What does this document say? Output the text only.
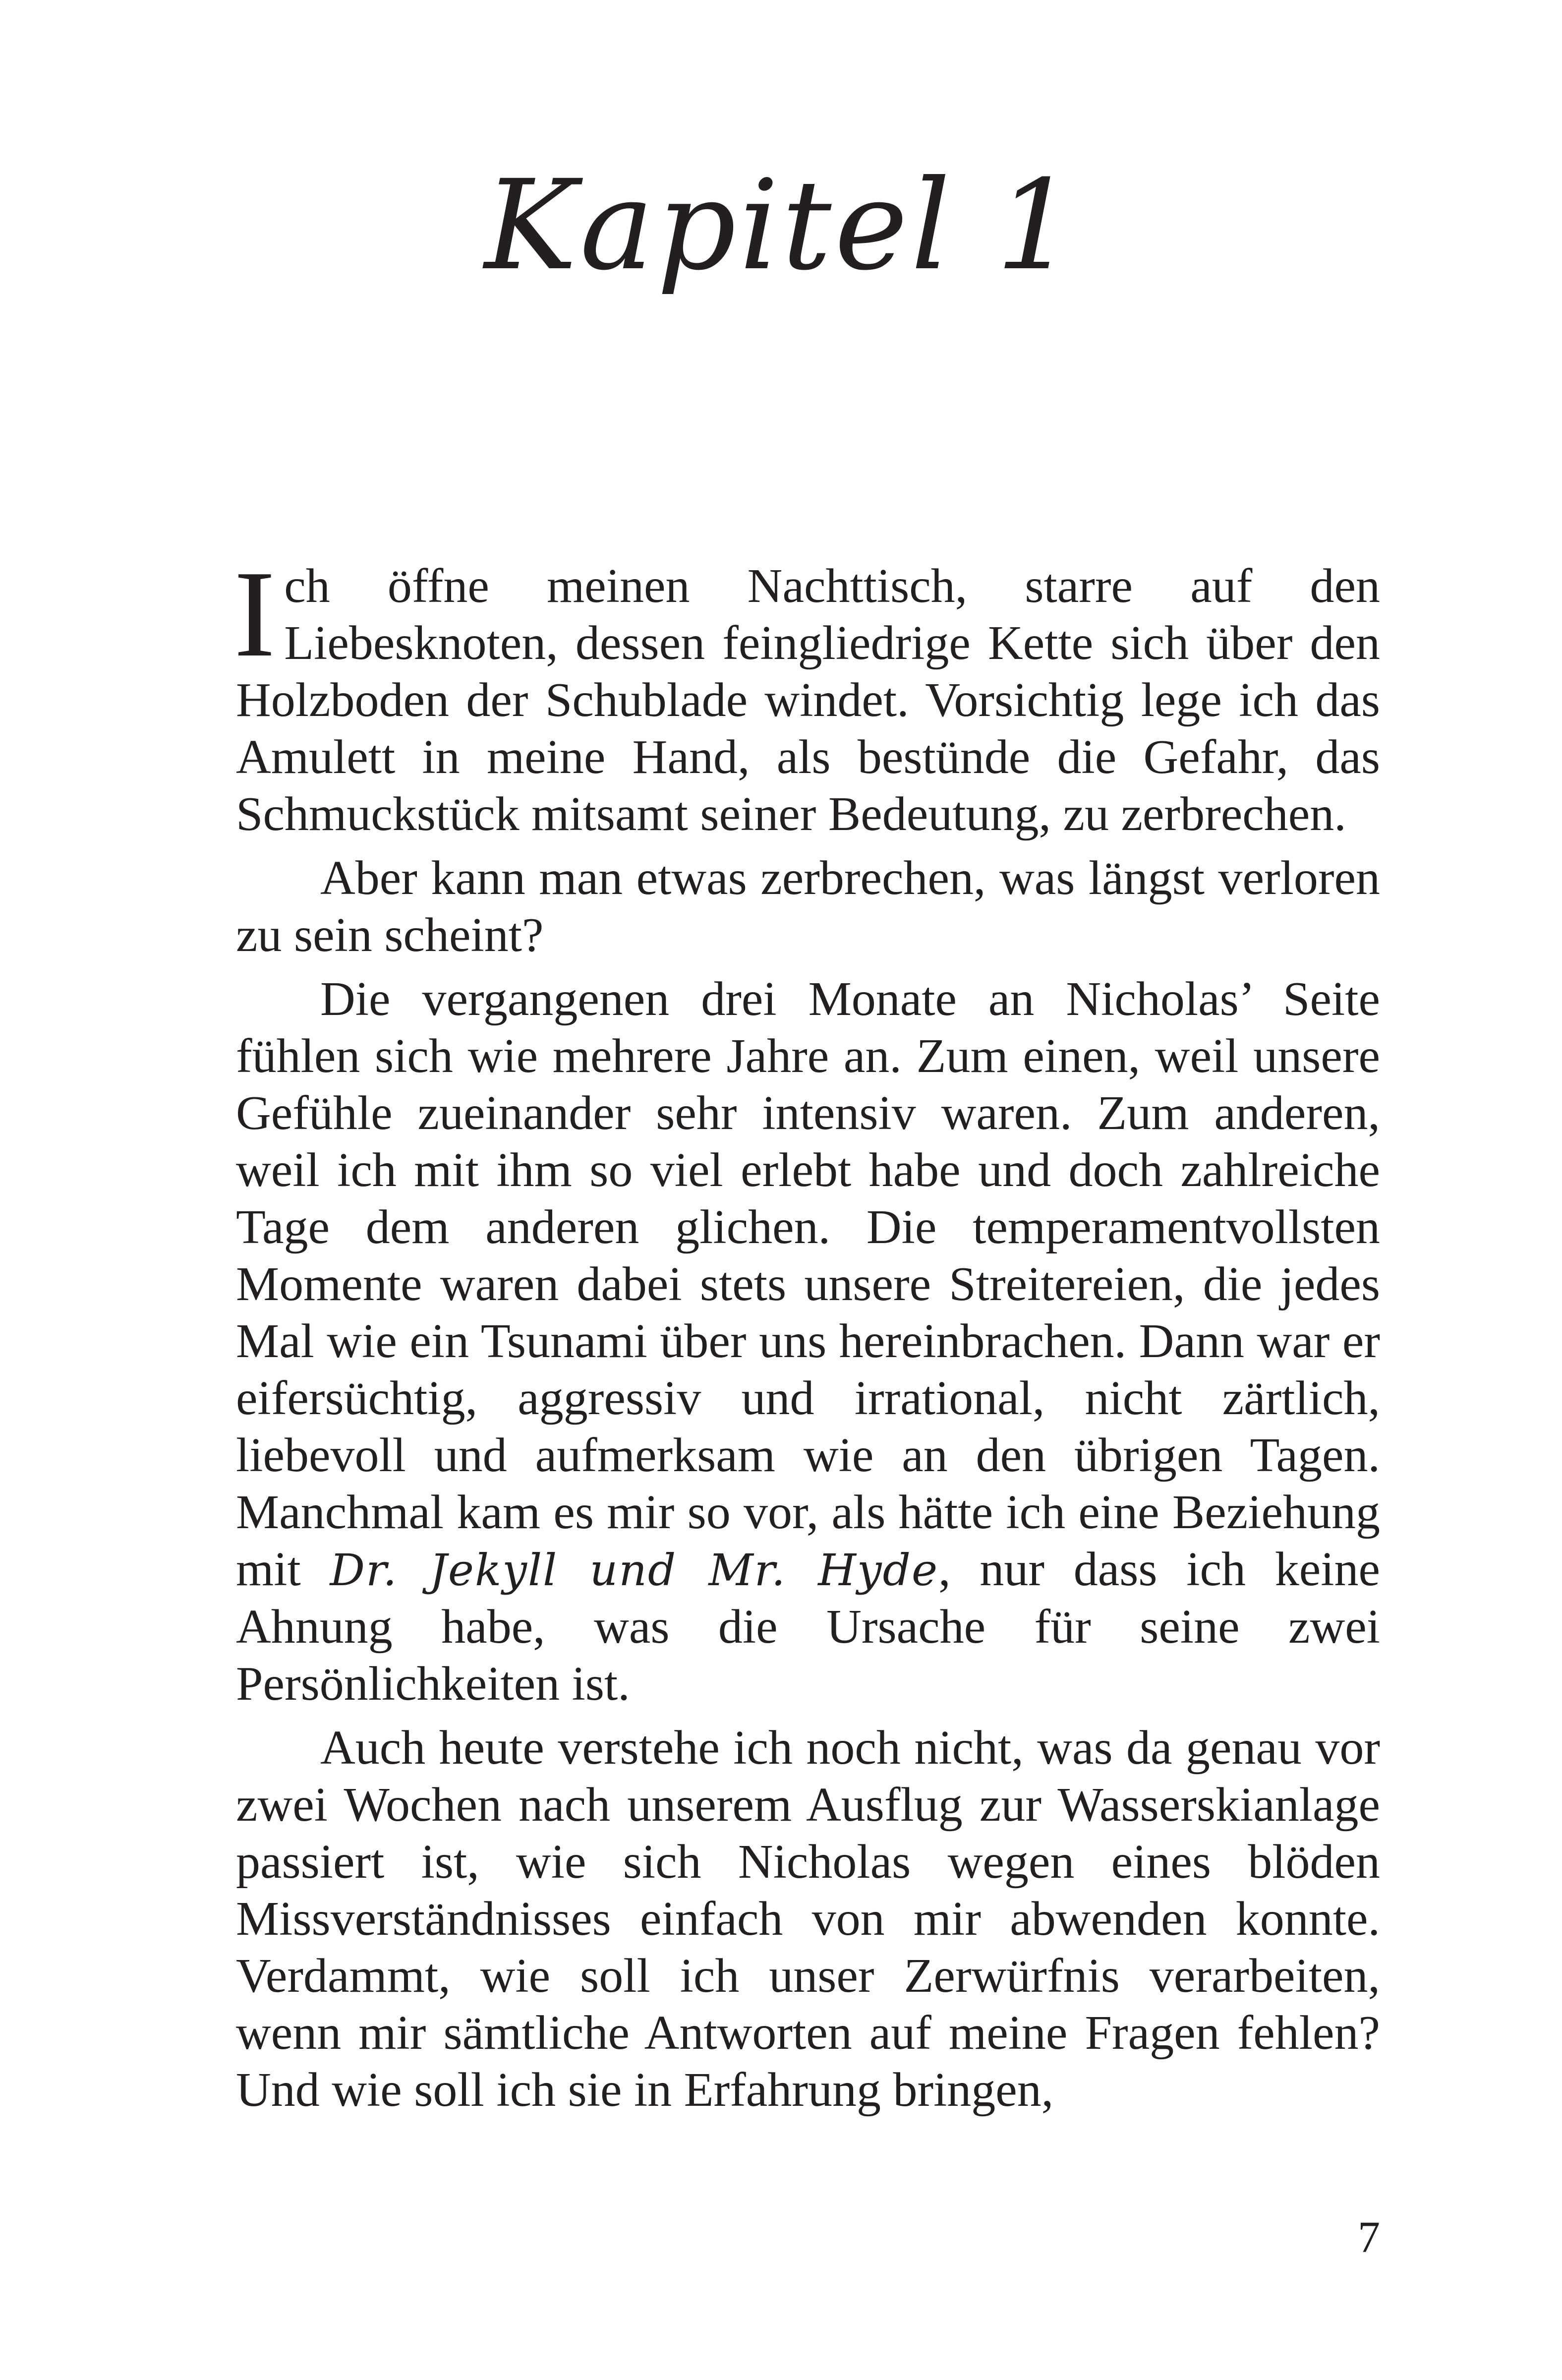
Kapitel 1

Ich öffne meinen Nachttisch, starre auf den Liebesknoten, dessen feingliedrige Kette sich über den Holzboden der Schublade windet. Vorsichtig lege ich das Amulett in meine Hand, als bestünde die Gefahr, das Schmuckstück mitsamt seiner Bedeutung, zu zerbrechen.

Aber kann man etwas zerbrechen, was längst verloren zu sein scheint?

Die vergangenen drei Monate an Nicholas’ Seite fühlen sich wie mehrere Jahre an. Zum einen, weil unsere Gefühle zueinander sehr intensiv waren. Zum anderen, weil ich mit ihm so viel erlebt habe und doch zahlreiche Tage dem anderen glichen. Die temperamentvollsten Momente waren dabei stets unsere Streitereien, die jedes Mal wie ein Tsunami über uns hereinbrachen. Dann war er eifersüchtig, aggressiv und irrational, nicht zärtlich, liebevoll und aufmerksam wie an den übrigen Tagen. Manchmal kam es mir so vor, als hätte ich eine Beziehung mit Dr. Jekyll und Mr. Hyde, nur dass ich keine Ahnung habe, was die Ursache für seine zwei Persönlichkeiten ist.

Auch heute verstehe ich noch nicht, was da genau vor zwei Wochen nach unserem Ausflug zur Wasserskianlage passiert ist, wie sich Nicholas wegen eines blöden Missverständnisses einfach von mir abwenden konnte. Verdammt, wie soll ich unser Zerwürfnis verarbeiten, wenn mir sämtliche Antworten auf meine Fragen fehlen? Und wie soll ich sie in Erfahrung bringen,

7
